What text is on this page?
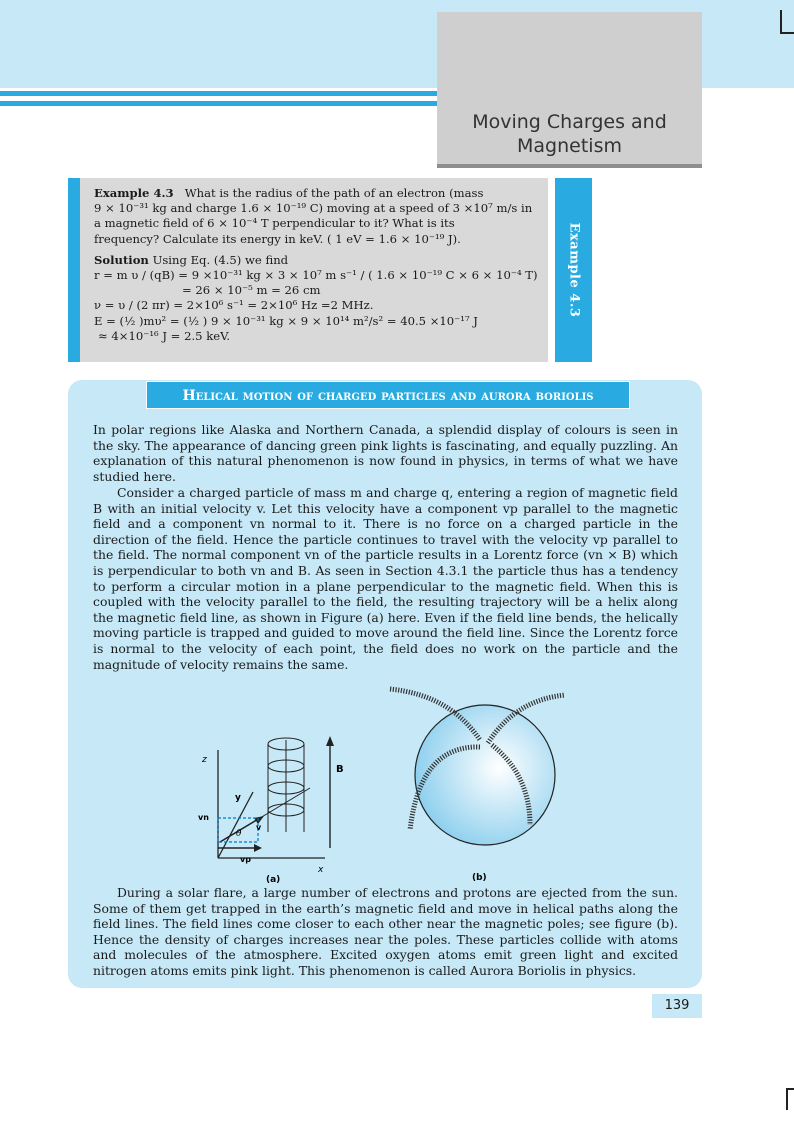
Moving Charges and
Magnetism

Example 4.3 What is the radius of the path of an electron (mass
9 × 10⁻³¹ kg and charge 1.6 × 10⁻¹⁹ C) moving at a speed of 3 ×10⁷ m/s in
a magnetic field of 6 × 10⁻⁴ T perpendicular to it? What is its
frequency? Calculate its energy in keV. ( 1 eV = 1.6 × 10⁻¹⁹ J).

Solution Using Eq. (4.5) we find
r = m υ / (qB) = 9 ×10⁻³¹ kg × 3 × 10⁷ m s⁻¹ / ( 1.6 × 10⁻¹⁹ C × 6 × 10⁻⁴ T)
= 26 × 10⁻⁵ m = 26 cm
ν = υ / (2 πr) = 2×10⁶ s⁻¹ = 2×10⁶ Hz =2 MHz.
E = (½ )mυ² = (½ ) 9 × 10⁻³¹ kg × 9 × 10¹⁴ m²/s² = 40.5 ×10⁻¹⁷ J
≈ 4×10⁻¹⁶ J = 2.5 keV.

Example 4.3
Helical motion of charged particles and aurora boriolis

In polar regions like Alaska and Northern Canada, a splendid display of colours is seen in the sky. The appearance of dancing green pink lights is fascinating, and equally puzzling. An explanation of this natural phenomenon is now found in physics, in terms of what we have studied here.

Consider a charged particle of mass m and charge q, entering a region of magnetic field B with an initial velocity v. Let this velocity have a component vp parallel to the magnetic field and a component vn normal to it. There is no force on a charged particle in the direction of the field. Hence the particle continues to travel with the velocity vp parallel to the field. The normal component vn of the particle results in a Lorentz force (vn × B) which is perpendicular to both vn and B. As seen in Section 4.3.1 the particle thus has a tendency to perform a circular motion in a plane perpendicular to the magnetic field. When this is coupled with the velocity parallel to the field, the resulting trajectory will be a helix along the magnetic field line, as shown in Figure (a) here. Even if the field line bends, the helically moving particle is trapped and guided to move around the field line. Since the Lorentz force is normal to the velocity of each point, the field does no work on the particle and the magnitude of velocity remains the same.

z
y
x
B
vn
vp
v
θ
(a)	(b)

During a solar flare, a large number of electrons and protons are ejected from the sun. Some of them get trapped in the earth’s magnetic field and move in helical paths along the field lines. The field lines come closer to each other near the magnetic poles; see figure (b). Hence the density of charges increases near the poles. These particles collide with atoms and molecules of the atmosphere. Excited oxygen atoms emit green light and excited nitrogen atoms emits pink light. This phenomenon is called Aurora Boriolis in physics.

139
